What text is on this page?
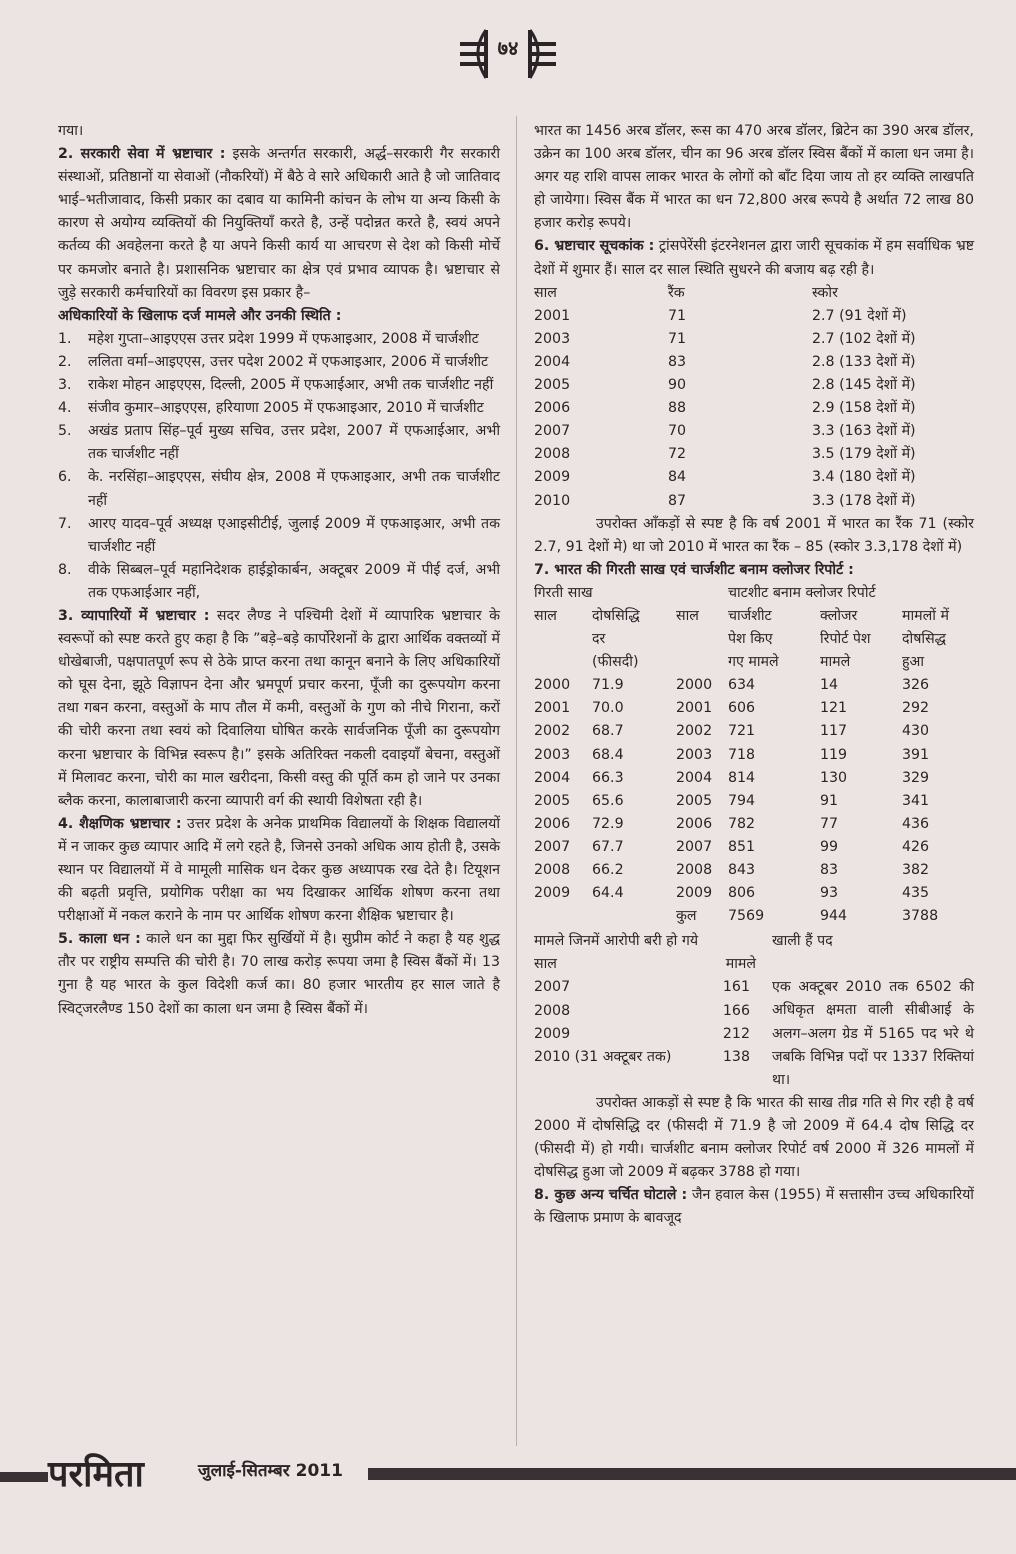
७४

गया।

2. सरकारी सेवा में भ्रष्टाचार : इसके अन्तर्गत सरकारी, अर्द्ध–सरकारी गैर सरकारी संस्थाओं, प्रतिष्ठानों या सेवाओं (नौकरियों) में बैठे वे सारे अधिकारी आते है जो जातिवाद भाई–भतीजावाद, किसी प्रकार का दबाव या कामिनी कांचन के लोभ या अन्य किसी के कारण से अयोग्य व्यक्तियों की नियुक्तियाँ करते है, उन्हें पदोन्नत करते है, स्वयं अपने कर्तव्य की अवहेलना करते है या अपने किसी कार्य या आचरण से देश को किसी मोर्चे पर कमजोर बनाते है। प्रशासनिक भ्रष्टाचार का क्षेत्र एवं प्रभाव व्यापक है। भ्रष्टाचार से जुड़े सरकारी कर्मचारियों का विवरण इस प्रकार है–

अधिकारियों के खिलाफ दर्ज मामले और उनकी स्थिति :

1.	महेश गुप्ता–आइएएस उत्तर प्रदेश 1999 में एफआइआर, 2008 में चार्जशीट
2.	ललिता वर्मा–आइएएस, उत्तर पदेश 2002 में एफआइआर, 2006 में चार्जशीट
3.	राकेश मोहन आइएएस, दिल्ली, 2005 में एफआईआर, अभी तक चार्जशीट नहीं
4.	संजीव कुमार–आइएएस, हरियाणा 2005 में एफआइआर, 2010 में चार्जशीट
5.	अखंड प्रताप सिंह–पूर्व मुख्य सचिव, उत्तर प्रदेश, 2007 में एफआईआर, अभी तक चार्जशीट नहीं
6.	के. नरसिंहा–आइएएस, संघीय क्षेत्र, 2008 में एफआइआर, अभी तक चार्जशीट नहीं
7.	आरए यादव–पूर्व अध्यक्ष एआइसीटीई, जुलाई 2009 में एफआइआर, अभी तक चार्जशीट नहीं
8.	वीके सिब्बल–पूर्व महानिदेशक हाईड्रोकार्बन, अक्टूबर 2009 में पीई दर्ज, अभी तक एफआईआर नहीं,

3. व्यापारियों में भ्रष्टाचार : सदर लैण्ड ने पश्चिमी देशों में व्यापारिक भ्रष्टाचार के स्वरूपों को स्पष्ट करते हुए कहा है कि ”बड़े–बड़े कार्पोरेशनों के द्वारा आर्थिक वक्तव्यों में धोखेबाजी, पक्षपातपूर्ण रूप से ठेके प्राप्त करना तथा कानून बनाने के लिए अधिकारियों को घूस देना, झूठे विज्ञापन देना और भ्रमपूर्ण प्रचार करना, पूँजी का दुरूपयोग करना तथा गबन करना, वस्तुओं के माप तौल में कमी, वस्तुओं के गुण को नीचे गिराना, करों की चोरी करना तथा स्वयं को दिवालिया घोषित करके सार्वजनिक पूँजी का दुरूपयोग करना भ्रष्टाचार के विभिन्न स्वरूप है।” इसके अतिरिक्त नकली दवाइयाँ बेचना, वस्तुओं में मिलावट करना, चोरी का माल खरीदना, किसी वस्तु की पूर्ति कम हो जाने पर उनका ब्लैक करना, कालाबाजारी करना व्यापारी वर्ग की स्थायी विशेषता रही है।

4. शैक्षणिक भ्रष्टाचार : उत्तर प्रदेश के अनेक प्राथमिक विद्यालयों के शिक्षक विद्यालयों में न जाकर कुछ व्यापार आदि में लगे रहते है, जिनसे उनको अधिक आय होती है, उसके स्थान पर विद्यालयों में वे मामूली मासिक धन देकर कुछ अध्यापक रख देते है। टियूशन की बढ़ती प्रवृत्ति, प्रयोगिक परीक्षा का भय दिखाकर आर्थिक शोषण करना तथा परीक्षाओं में नकल कराने के नाम पर आर्थिक शोषण करना शैक्षिक भ्रष्टाचार है।

5. काला धन : काले धन का मुद्दा फिर सुर्खियों में है। सुप्रीम कोर्ट ने कहा है यह शुद्ध तौर पर राष्ट्रीय सम्पत्ति की चोरी है। 70 लाख करोड़ रूपया जमा है स्विस बैंकों में। 13 गुना है यह भारत के कुल विदेशी कर्ज का। 80 हजार भारतीय हर साल जाते है स्विट्जरलैण्ड 150 देशों का काला धन जमा है स्विस बैंकों में।

भारत का 1456 अरब डॉलर, रूस का 470 अरब डॉलर, ब्रिटेन का 390 अरब डॉलर, उक्रेन का 100 अरब डॉलर, चीन का 96 अरब डॉलर स्विस बैंकों में काला धन जमा है। अगर यह राशि वापस लाकर भारत के लोगों को बाँट दिया जाय तो हर व्यक्ति लाखपति हो जायेगा। स्विस बैंक में भारत का धन 72,800 अरब रूपये है अर्थात 72 लाख 80 हजार करोड़ रूपये।

6. भ्रष्टाचार सूचकांक : ट्रांसपेरेंसी इंटरनेशनल द्वारा जारी सूचकांक में हम सर्वाधिक भ्रष्ट देशों में शुमार हैं। साल दर साल स्थिति सुधरने की बजाय बढ़ रही है।

साल	रैंक	स्कोर
2001	71	2.7 (91 देशों में)
2003	71	2.7 (102 देशों में)
2004	83	2.8 (133 देशों में)
2005	90	2.8 (145 देशों में)
2006	88	2.9 (158 देशों में)
2007	70	3.3 (163 देशों में)
2008	72	3.5 (179 देशों में)
2009	84	3.4 (180 देशों में)
2010	87	3.3 (178 देशों में)

उपरोक्त आँकड़ों से स्पष्ट है कि वर्ष 2001 में भारत का रैंक 71 (स्कोर 2.7, 91 देशों मे) था जो 2010 में भारत का रैंक – 85 (स्कोर 3.3,178 देशों में)

7. भारत की गिरती साख एवं चार्जशीट बनाम क्लोजर रिपोर्ट :

गिरती साख			चाटशीट बनाम क्लोजर रिपोर्ट		
साल	दोषसिद्धि	साल	चार्जशीट	क्लोजर	मामलों में
	दर		पेश किए	रिपोर्ट पेश	दोषसिद्ध
	(फीसदी)		गए मामले	मामले	हुआ
2000	71.9	2000	634	14	326
2001	70.0	2001	606	121	292
2002	68.7	2002	721	117	430
2003	68.4	2003	718	119	391
2004	66.3	2004	814	130	329
2005	65.6	2005	794	91	341
2006	72.9	2006	782	77	436
2007	67.7	2007	851	99	426
2008	66.2	2008	843	83	382
2009	64.4	2009	806	93	435
		कुल	7569	944	3788

मामले जिनमें आरोपी बरी हो गये

साल	मामले
2007	161
2008	166
2009	212
2010 (31 अक्टूबर तक)	138

खाली हैं पद

एक अक्टूबर 2010 तक 6502 की अधिकृत क्षमता वाली सीबीआई के अलग–अलग ग्रेड में 5165 पद भरे थे जबकि विभिन्न पदों पर 1337 रिक्तियां था।

उपरोक्त आकड़ों से स्पष्ट है कि भारत की साख तीव्र गति से गिर रही है वर्ष 2000 में दोषसिद्धि दर (फीसदी में 71.9 है जो 2009 में 64.4 दोष सिद्धि दर (फीसदी में) हो गयी। चार्जशीट बनाम क्लोजर रिपोर्ट वर्ष 2000 में 326 मामलों में दोषसिद्ध हुआ जो 2009 में बढ़कर 3788 हो गया।

8. कुछ अन्य चर्चित घोटाले : जैन हवाल केस (1955) में सत्तासीन उच्च अधिकारियों के खिलाफ प्रमाण के बावजूद

परमिता	जुलाई-सितम्बर 2011
